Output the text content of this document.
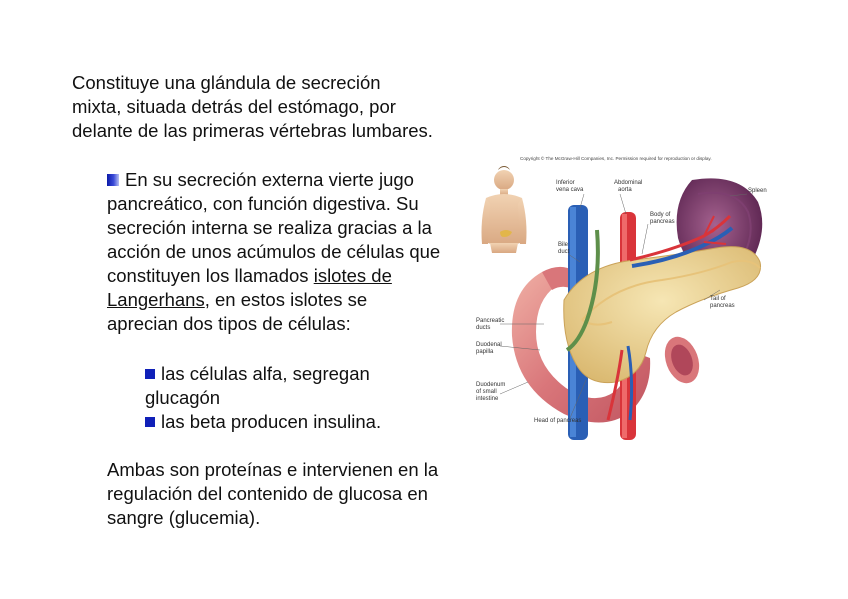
Constituye una glándula de secreción
mixta, situada detrás del estómago, por
delante de las primeras vértebras lumbares.
En su secreción externa vierte jugo
pancreático, con función digestiva. Su
secreción interna se realiza gracias a la
acción de unos acúmulos de células que
constituyen los llamados islotes de
Langerhans, en estos islotes se
aprecian dos tipos de células:
las células alfa, segregan
glucagón
las beta producen insulina.
Ambas son proteínas e intervienen en la
regulación del contenido de glucosa en
sangre (glucemia).
Copyright © The McGraw-Hill Companies, Inc. Permission required for reproduction or display.
Inferior
vena cava
Abdominal
aorta
Body of
pancreas
Spleen
Bile
duct
Tail of
pancreas
Pancreatic
ducts
Duodenal
papilla
Duodenum
of small
intestine
Head of pancreas
